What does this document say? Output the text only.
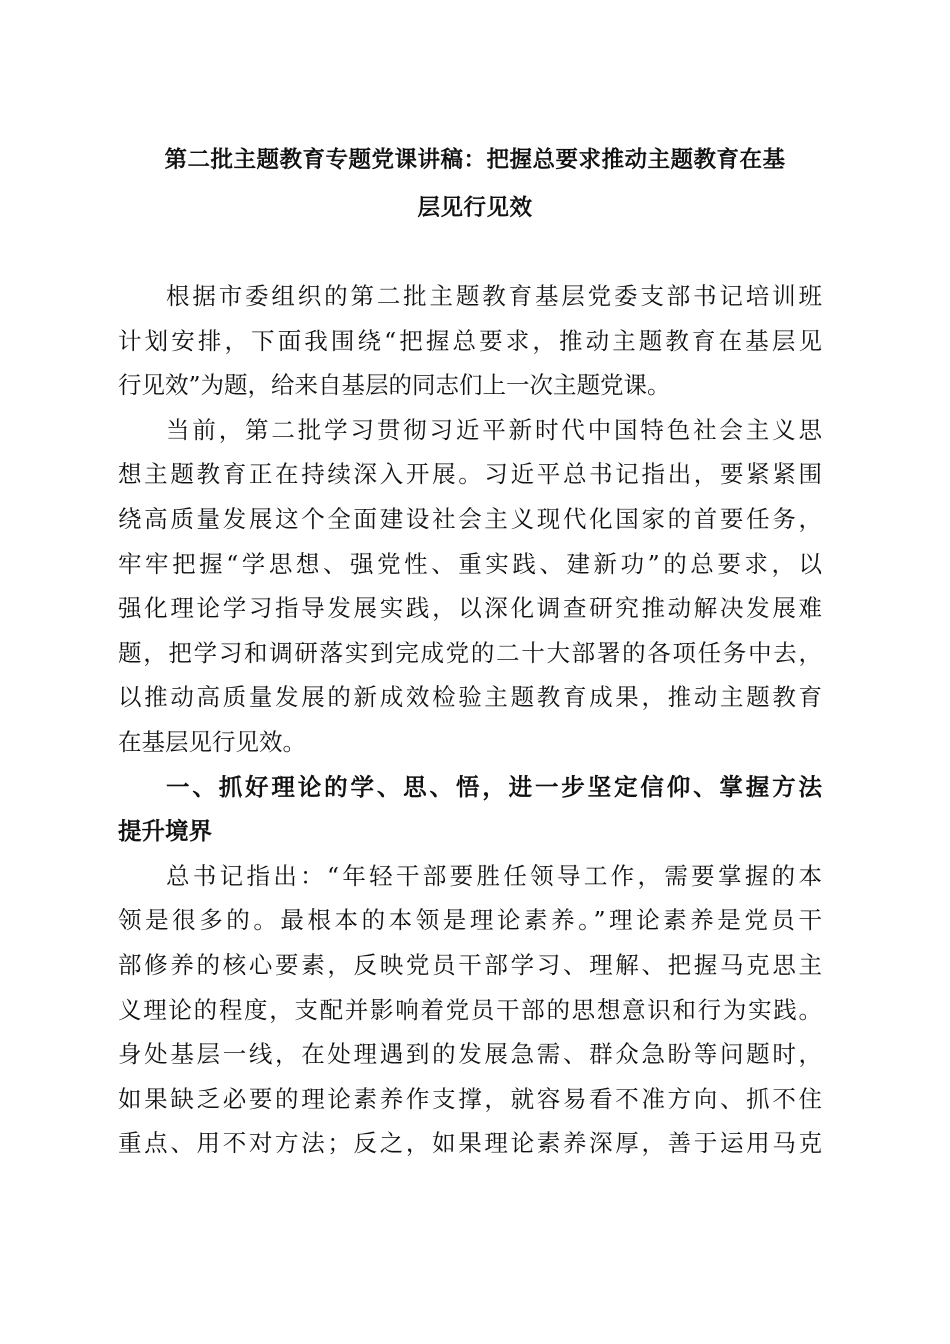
第二批主题教育专题党课讲稿：把握总要求推动主题教育在基
层见行见效
根据市委组织的第二批主题教育基层党委支部书记培训班
计划安排，下面我围绕“把握总要求，推动主题教育在基层见
行见效”为题，给来自基层的同志们上一次主题党课。
当前，第二批学习贯彻习近平新时代中国特色社会主义思
想主题教育正在持续深入开展。习近平总书记指出，要紧紧围
绕高质量发展这个全面建设社会主义现代化国家的首要任务，
牢牢把握“学思想、强党性、重实践、建新功”的总要求，以
强化理论学习指导发展实践，以深化调查研究推动解决发展难
题，把学习和调研落实到完成党的二十大部署的各项任务中去，
以推动高质量发展的新成效检验主题教育成果，推动主题教育
在基层见行见效。
一、抓好理论的学、思、悟，进一步坚定信仰、掌握方法
提升境界
总书记指出：“年轻干部要胜任领导工作，需要掌握的本
领是很多的。最根本的本领是理论素养。”理论素养是党员干
部修养的核心要素，反映党员干部学习、理解、把握马克思主
义理论的程度，支配并影响着党员干部的思想意识和行为实践。
身处基层一线，在处理遇到的发展急需、群众急盼等问题时，
如果缺乏必要的理论素养作支撑，就容易看不准方向、抓不住
重点、用不对方法；反之，如果理论素养深厚，善于运用马克
